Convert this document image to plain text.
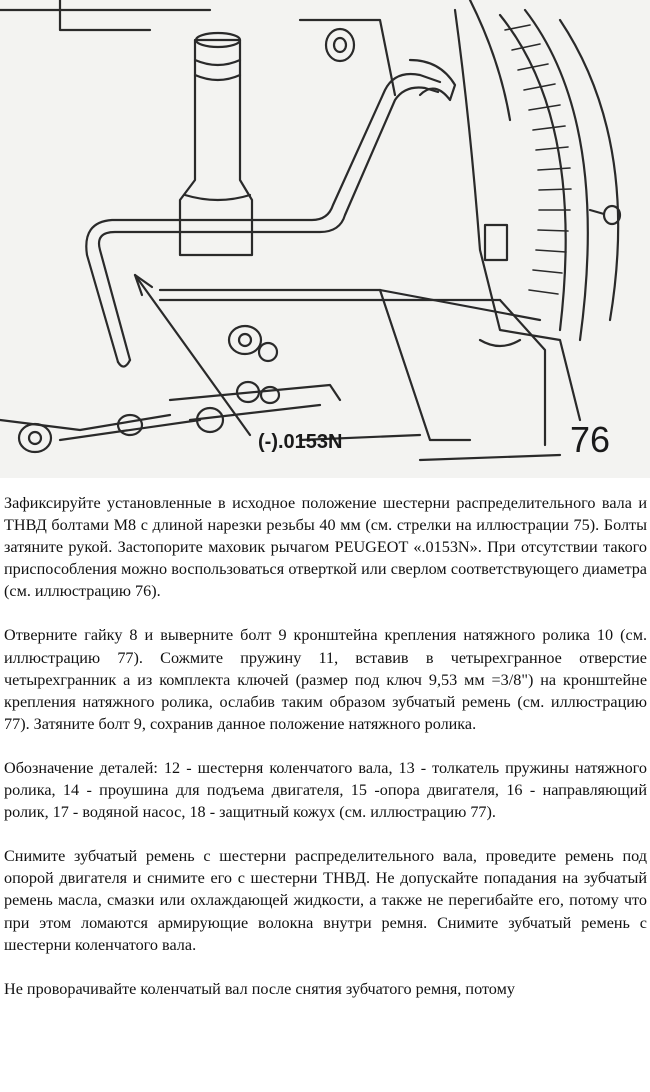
(-).0153N	76

Зафиксируйте установленные в исходное положение шестерни распределительного вала и ТНВД болтами М8 с длиной нарезки резьбы 40 мм (см. стрелки на иллюстрации 75). Болты затяните рукой. Застопорите маховик рычагом PEUGEOT «.0153N». При отсутствии такого приспособления можно воспользоваться отверткой или сверлом соответствующего диаметра (см. иллюстрацию 76).

Отверните гайку 8 и выверните болт 9 кронштейна крепления натяжного ролика 10 (см. иллюстрацию 77). Сожмите пружину 11, вставив в четырехгранное отверстие четырехгранник а из комплекта ключей (размер под ключ 9,53 мм =3/8") на кронштейне крепления натяжного ролика, ослабив таким образом зубчатый ремень (см. иллюстрацию 77). Затяните болт 9, сохранив данное положение натяжного ролика.

Обозначение деталей: 12 - шестерня коленчатого вала, 13 - толкатель пружины натяжного ролика, 14 - проушина для подъема двигателя, 15 -опора двигателя, 16 - направляющий ролик, 17 - водяной насос, 18 - защитный кожух (см. иллюстрацию 77).

Снимите зубчатый ремень с шестерни распределительного вала, проведите ремень под опорой двигателя и снимите его с шестерни ТНВД. Не допускайте попадания на зубчатый ремень масла, смазки или охлаждающей жидкости, а также не перегибайте его, потому что при этом ломаются армирующие волокна внутри ремня. Снимите зубчатый ремень с шестерни коленчатого вала.

Не проворачивайте коленчатый вал после снятия зубчатого ремня, потому
